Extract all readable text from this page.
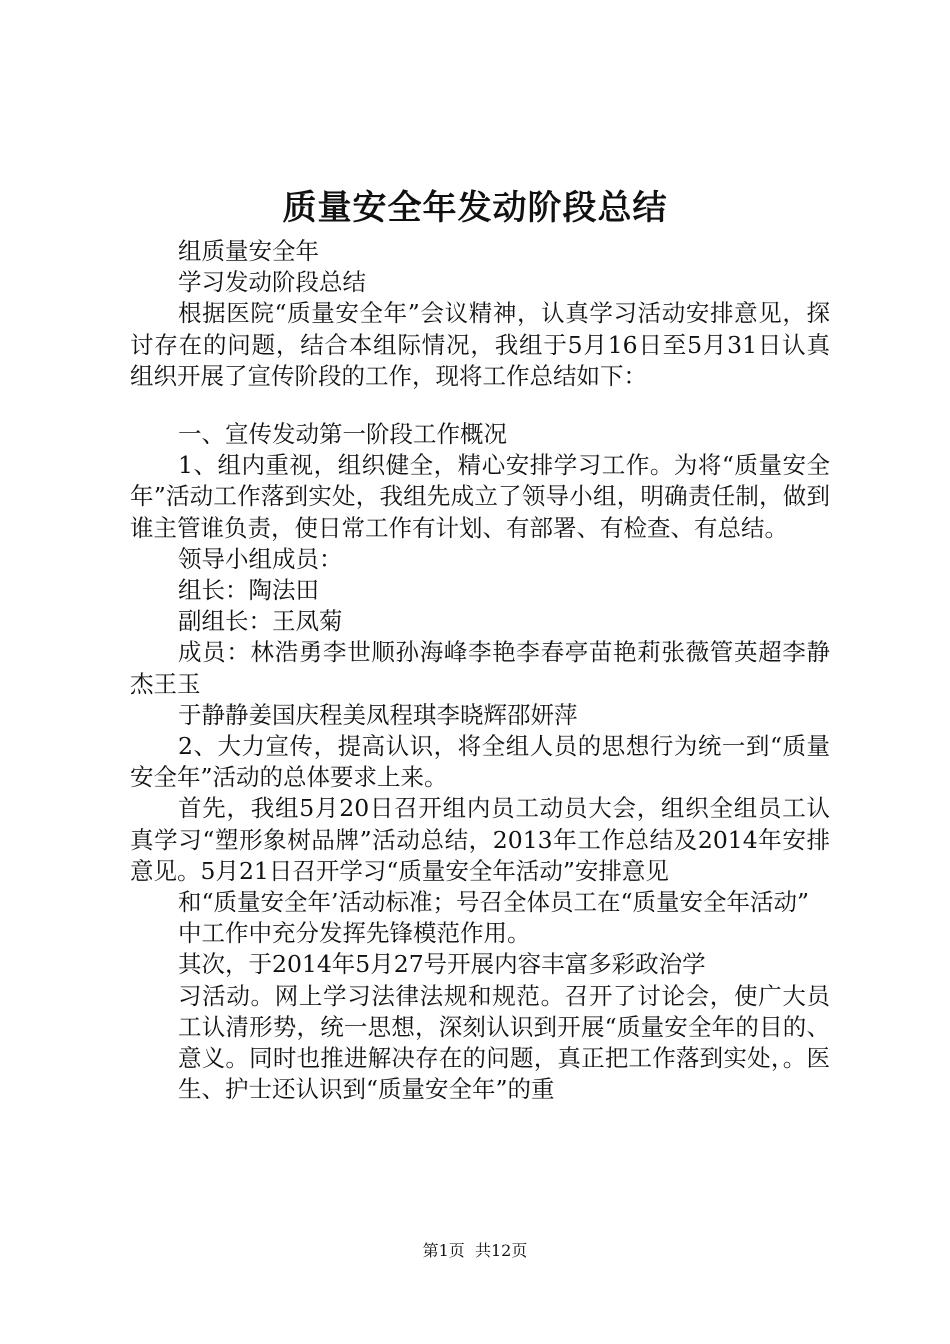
质量安全年发动阶段总结

组质量安全年

学习发动阶段总结

根据医院“质量安全年”会议精神，认真学习活动安排意见，探讨存在的问题，结合本组际情况，我组于5月16日至5月31日认真组织开展了宣传阶段的工作，现将工作总结如下：

一、宣传发动第一阶段工作概况

1、组内重视，组织健全，精心安排学习工作。为将“质量安全年”活动工作落到实处，我组先成立了领导小组，明确责任制，做到谁主管谁负责，使日常工作有计划、有部署、有检查、有总结。

领导小组成员：

组长：陶法田

副组长：王凤菊

成员：林浩勇李世顺孙海峰李艳李春亭苗艳莉张薇管英超李静杰王玉

于静静姜国庆程美凤程琪李晓辉邵妍萍

2、大力宣传，提高认识，将全组人员的思想行为统一到“质量安全年”活动的总体要求上来。

首先，我组5月20日召开组内员工动员大会，组织全组员工认真学习“塑形象树品牌”活动总结，2013年工作总结及2014年安排意见。5月21日召开学习“质量安全年活动”安排意见

和“质量安全年’活动标准；号召全体员工在“质量安全年活动”

中工作中充分发挥先锋模范作用。

其次，于2014年5月27号开展内容丰富多彩政治学

习活动。网上学习法律法规和规范。召开了讨论会，使广大员工认清形势，统一思想，深刻认识到开展“质量安全年的目的、意义。同时也推进解决存在的问题，真正把工作落到实处，。医生、护士还认识到“质量安全年”的重

第1页 共12页
